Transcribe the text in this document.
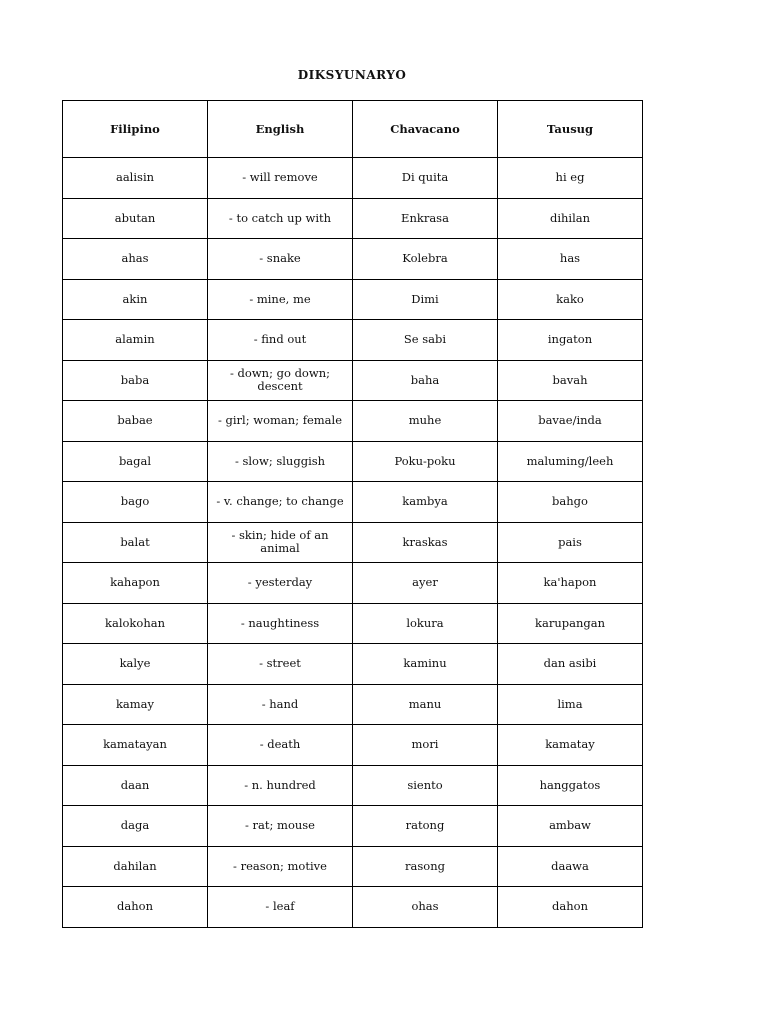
DIKSYUNARYO
Filipino	English	Chavacano	Tausug
aalisin	- will remove	Di quita	hi eg
abutan	- to catch up with	Enkrasa	dihilan
ahas	- snake	Kolebra	has
akin	- mine, me	Dimi	kako
alamin	- find out	Se sabi	ingaton
baba	- down; go down; descent	baha	bavah
babae	- girl; woman; female	muhe	bavae/inda
bagal	- slow; sluggish	Poku-poku	maluming/leeh
bago	- v. change; to change	kambya	bahgo
balat	- skin; hide of an animal	kraskas	pais
kahapon	- yesterday	ayer	ka'hapon
kalokohan	- naughtiness	lokura	karupangan
kalye	- street	kaminu	dan asibi
kamay	- hand	manu	lima
kamatayan	- death	mori	kamatay
daan	- n. hundred	siento	hanggatos
daga	- rat; mouse	ratong	ambaw
dahilan	- reason; motive	rasong	daawa
dahon	- leaf	ohas	dahon
